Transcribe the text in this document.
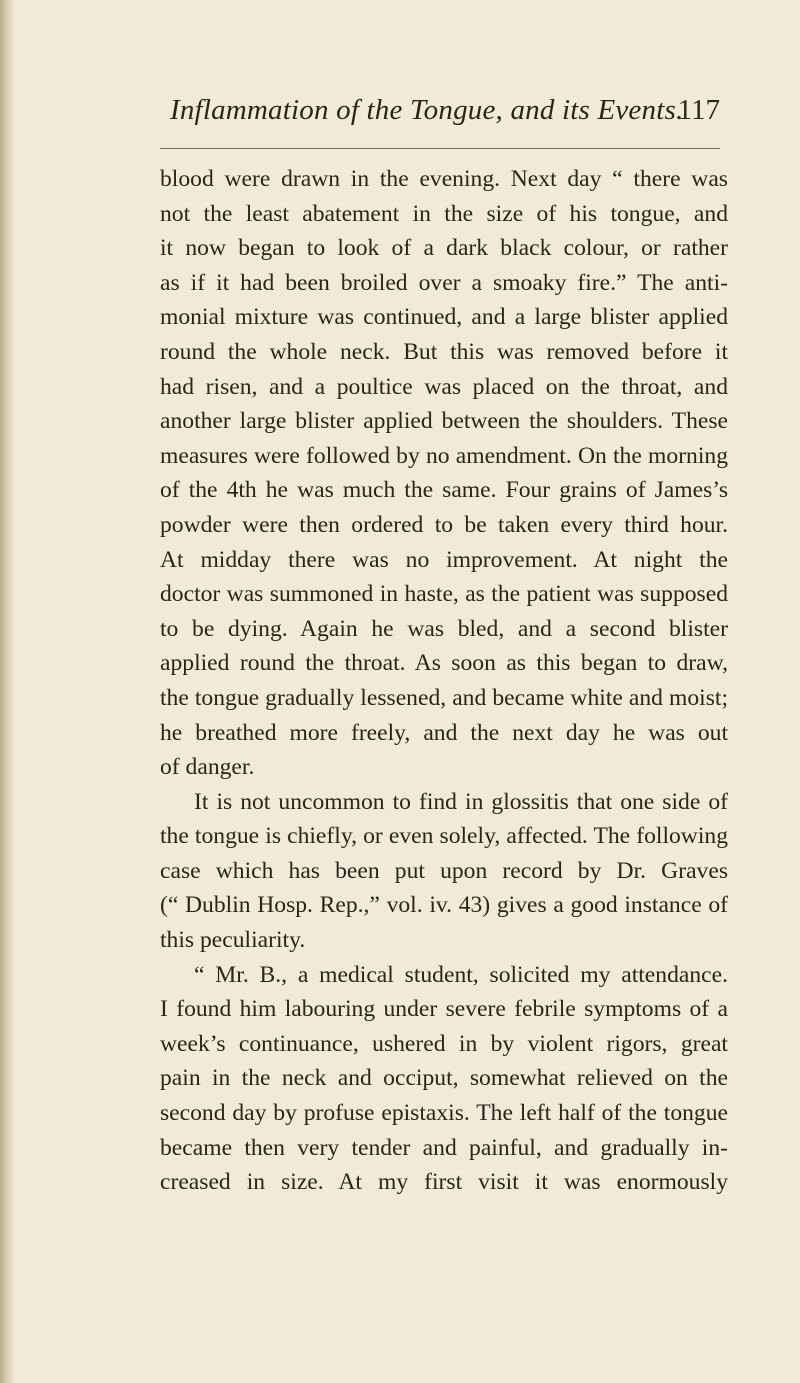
Inflammation of the Tongue, and its Events.
117

blood were drawn in the evening. Next day “ there was

not the least abatement in the size of his tongue, and

it now began to look of a dark black colour, or rather

as if it had been broiled over a smoaky fire.” The anti-

monial mixture was continued, and a large blister applied

round the whole neck. But this was removed before it

had risen, and a poultice was placed on the throat, and

another large blister applied between the shoulders. These

measures were followed by no amendment. On the morning

of the 4th he was much the same. Four grains of James’s

powder were then ordered to be taken every third hour.

At midday there was no improvement. At night the

doctor was summoned in haste, as the patient was supposed

to be dying. Again he was bled, and a second blister

applied round the throat. As soon as this began to draw,

the tongue gradually lessened, and became white and moist;

he breathed more freely, and the next day he was out

of danger.

It is not uncommon to find in glossitis that one side of

the tongue is chiefly, or even solely, affected. The following

case which has been put upon record by Dr. Graves

(“ Dublin Hosp. Rep.,” vol. iv. 43) gives a good instance of

this peculiarity.

“ Mr. B., a medical student, solicited my attendance.

I found him labouring under severe febrile symptoms of a

week’s continuance, ushered in by violent rigors, great

pain in the neck and occiput, somewhat relieved on the

second day by profuse epistaxis. The left half of the tongue

became then very tender and painful, and gradually in-

creased in size. At my first visit it was enormously
